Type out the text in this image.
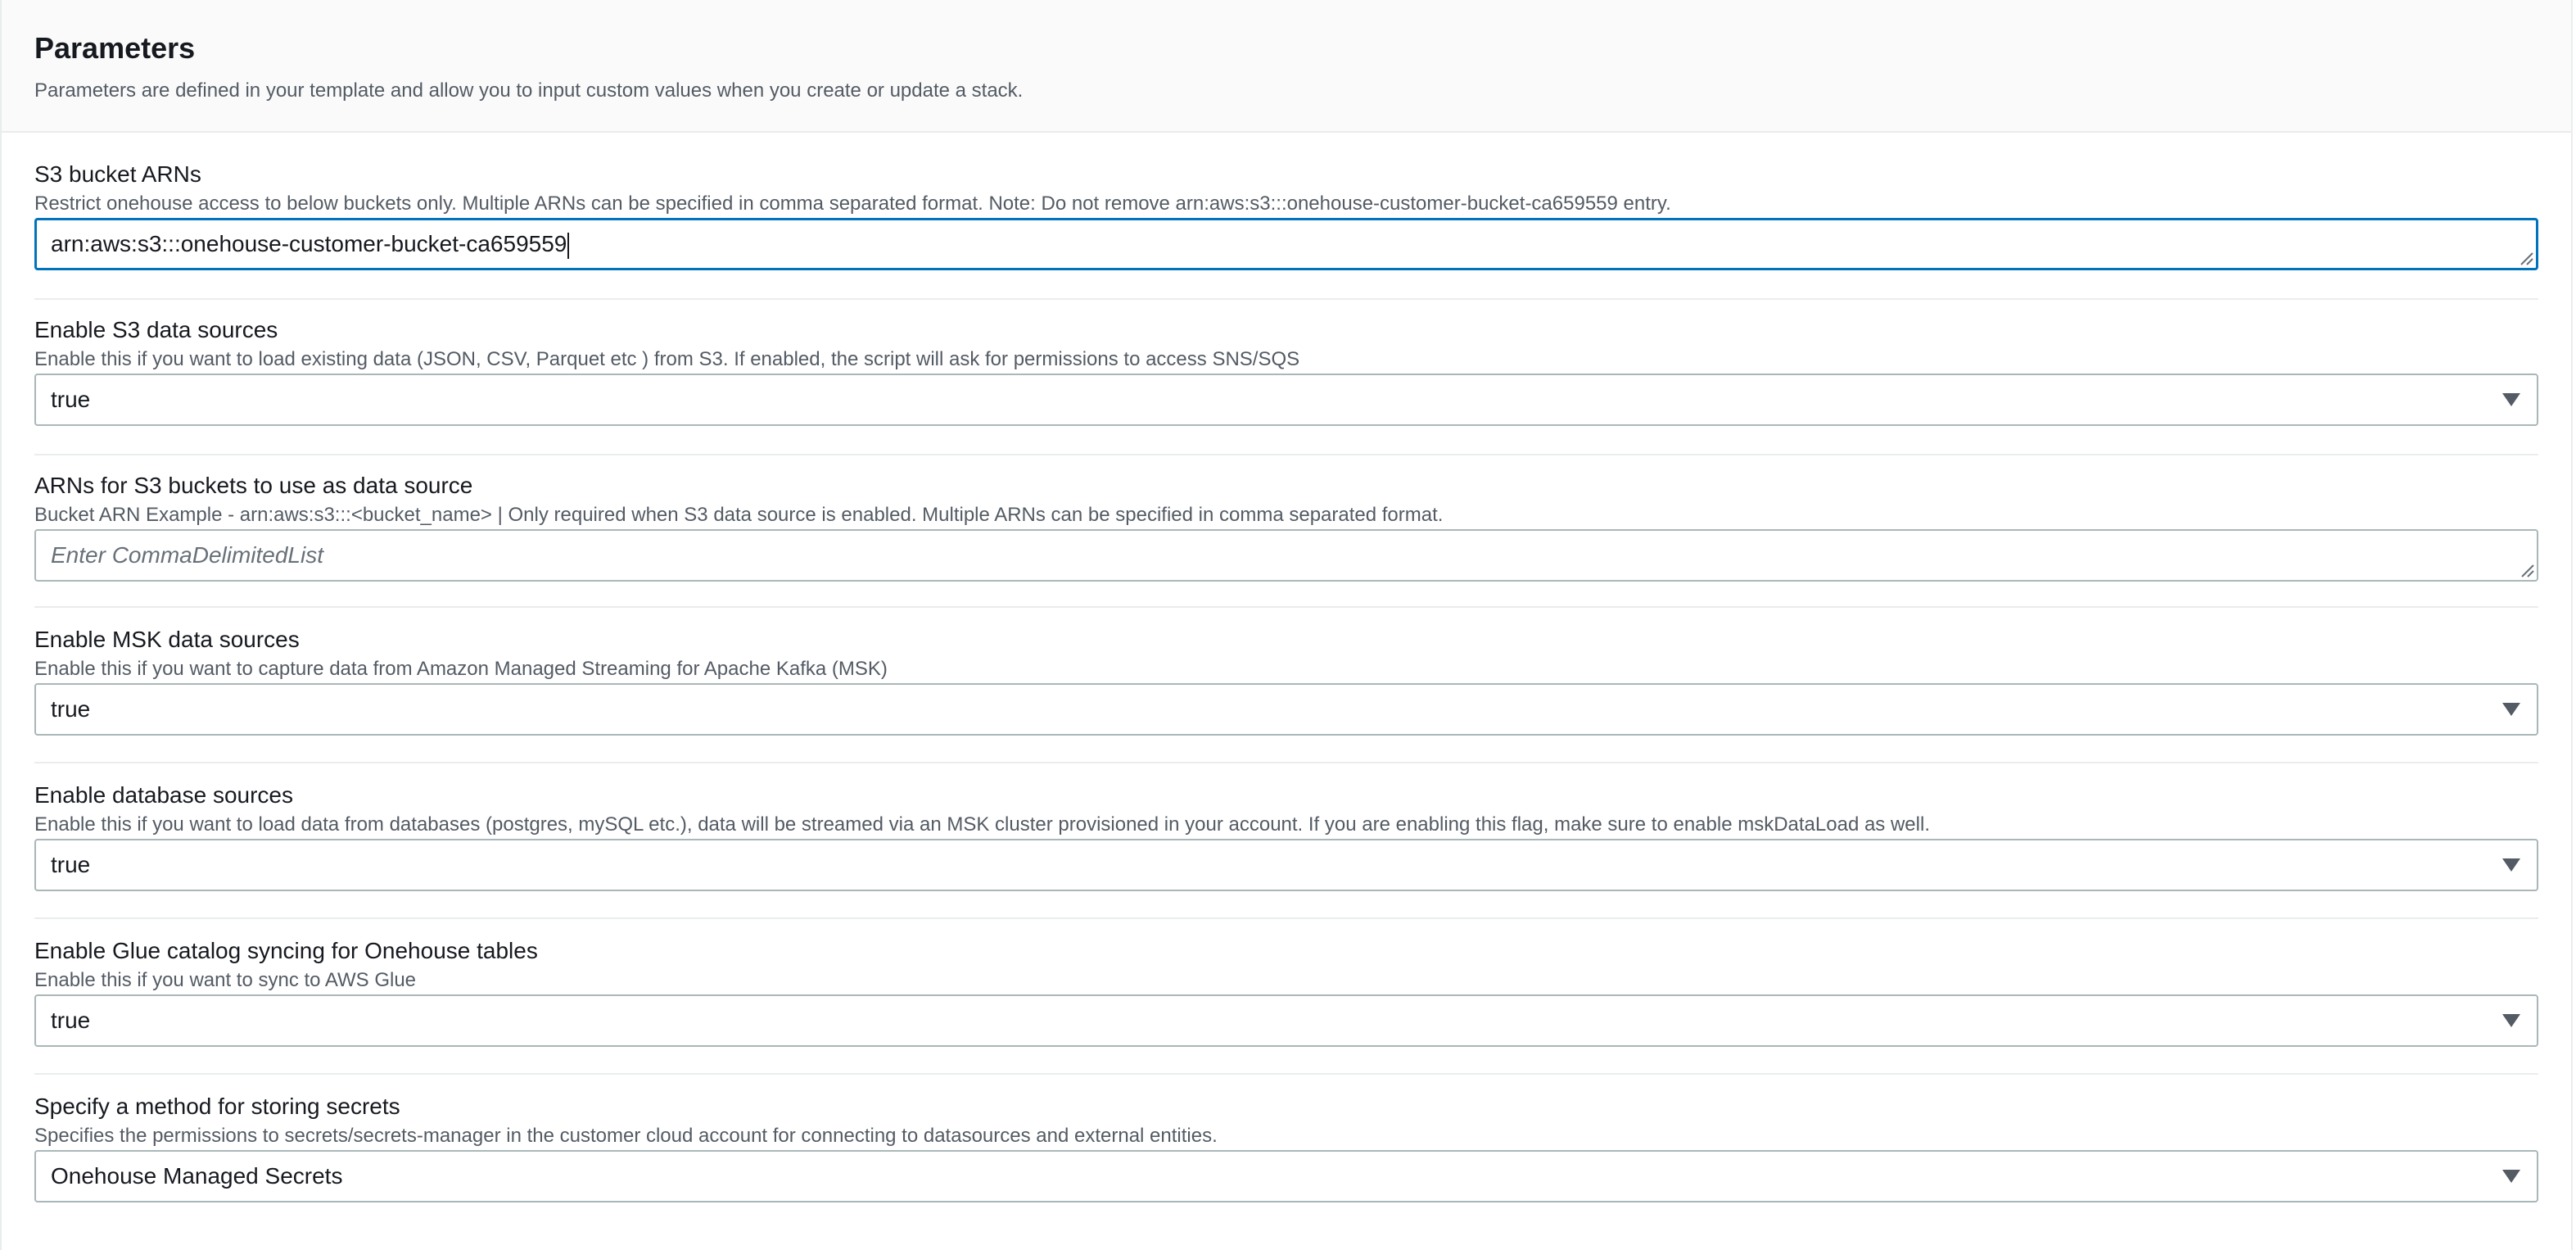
Parameters
Parameters are defined in your template and allow you to input custom values when you create or update a stack.
S3 bucket ARNs
Restrict onehouse access to below buckets only. Multiple ARNs can be specified in comma separated format. Note: Do not remove arn:aws:s3:::onehouse-customer-bucket-ca659559 entry.
arn:aws:s3:::onehouse-customer-bucket-ca659559
Enable S3 data sources
Enable this if you want to load existing data (JSON, CSV, Parquet etc ) from S3. If enabled, the script will ask for permissions to access SNS/SQS
true
ARNs for S3 buckets to use as data source
Bucket ARN Example - arn:aws:s3:::<bucket_name> | Only required when S3 data source is enabled. Multiple ARNs can be specified in comma separated format.
Enter CommaDelimitedList
Enable MSK data sources
Enable this if you want to capture data from Amazon Managed Streaming for Apache Kafka (MSK)
true
Enable database sources
Enable this if you want to load data from databases (postgres, mySQL etc.), data will be streamed via an MSK cluster provisioned in your account. If you are enabling this flag, make sure to enable mskDataLoad as well.
true
Enable Glue catalog syncing for Onehouse tables
Enable this if you want to sync to AWS Glue
true
Specify a method for storing secrets
Specifies the permissions to secrets/secrets-manager in the customer cloud account for connecting to datasources and external entities.
Onehouse Managed Secrets
